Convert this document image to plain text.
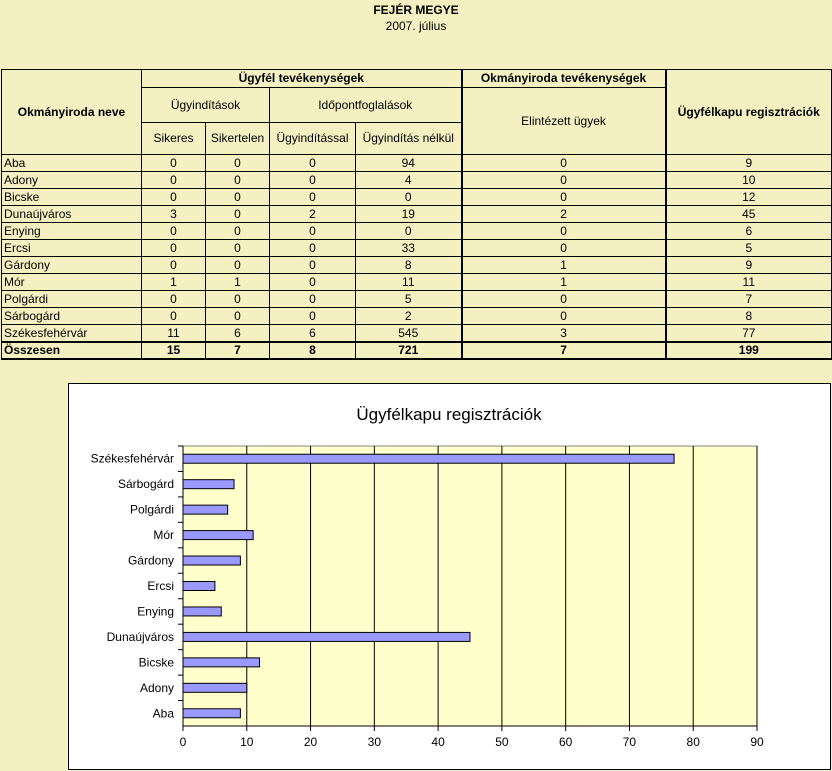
FEJÉR MEGYE
2007. július
Okmányiroda neve	Ügyfél tevékenységek				Okmányiroda tevékenységek	Ügyfélkapu regisztrációk
	Ügyindítások		Időpontfoglalások		Elintézett ügyek	
	Sikeres	Sikertelen	Ügyindítással	Ügyindítás nélkül		
Aba	0	0	0	94	0	9
Adony	0	0	0	4	0	10
Bicske	0	0	0	0	0	12
Dunaújváros	3	0	2	19	2	45
Enying	0	0	0	0	0	6
Ercsi	0	0	0	33	0	5
Gárdony	0	0	0	8	1	9
Mór	1	1	0	11	1	11
Polgárdi	0	0	0	5	0	7
Sárbogárd	0	0	0	2	0	8
Székesfehérvár	11	6	6	545	3	77
Összesen	15	7	8	721	7	199
Ügyfélkapu regisztrációk
0	10	20	30	40	50	60	70	80	90
Székesfehérvár
Sárbogárd
Polgárdi
Mór
Gárdony
Ercsi
Enying
Dunaújváros
Bicske
Adony
Aba
